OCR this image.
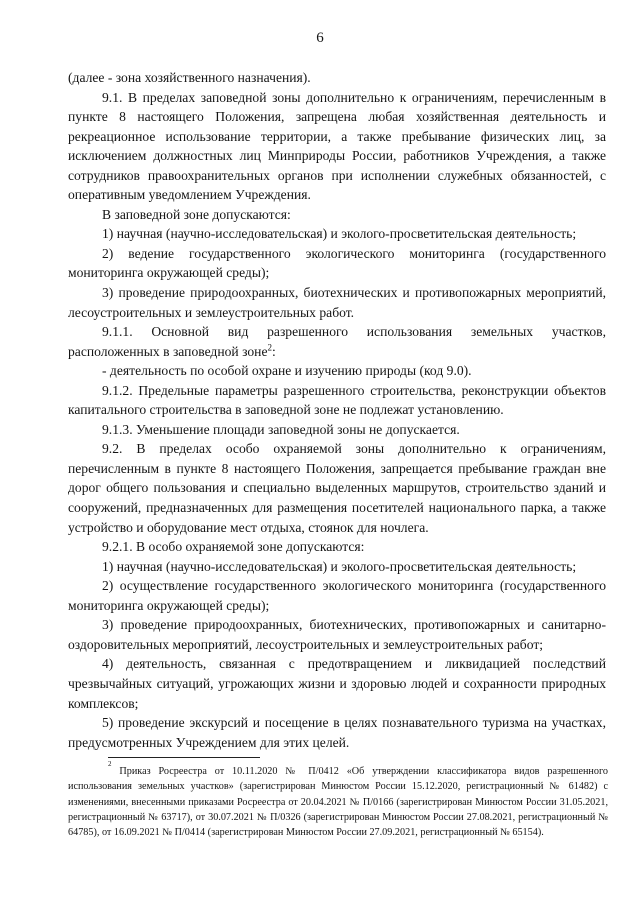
6

(далее - зона хозяйственного назначения).

9.1. В пределах заповедной зоны дополнительно к ограничениям, перечисленным в пункте 8 настоящего Положения, запрещена любая хозяйственная деятельность и рекреационное использование территории, а также пребывание физических лиц, за исключением должностных лиц Минприроды России, работников Учреждения, а также сотрудников правоохранительных органов при исполнении служебных обязанностей, с оперативным уведомлением Учреждения.

В заповедной зоне допускаются:

1) научная (научно-исследовательская) и эколого-просветительская деятельность;

2) ведение государственного экологического мониторинга (государственного мониторинга окружающей среды);

3) проведение природоохранных, биотехнических и противопожарных мероприятий, лесоустроительных и землеустроительных работ.

9.1.1. Основной вид разрешенного использования земельных участков, расположенных в заповедной зоне$^2$:

- деятельность по особой охране и изучению природы (код 9.0).

9.1.2. Предельные параметры разрешенного строительства, реконструкции объектов капитального строительства в заповедной зоне не подлежат установлению.

9.1.3. Уменьшение площади заповедной зоны не допускается.

9.2. В пределах особо охраняемой зоны дополнительно к ограничениям, перечисленным в пункте 8 настоящего Положения, запрещается пребывание граждан вне дорог общего пользования и специально выделенных маршрутов, строительство зданий и сооружений, предназначенных для размещения посетителей национального парка, а также устройство и оборудование мест отдыха, стоянок для ночлега.

9.2.1. В особо охраняемой зоне допускаются:

1) научная (научно-исследовательская) и эколого-просветительская деятельность;

2) осуществление государственного экологического мониторинга (государственного мониторинга окружающей среды);

3) проведение природоохранных, биотехнических, противопожарных и санитарно-оздоровительных мероприятий, лесоустроительных и землеустроительных работ;

4) деятельность, связанная с предотвращением и ликвидацией последствий чрезвычайных ситуаций, угрожающих жизни и здоровью людей и сохранности природных комплексов;

5) проведение экскурсий и посещение в целях познавательного туризма на участках, предусмотренных Учреждением для этих целей.

$^2$ Приказ Росреестра от 10.11.2020 № П/0412 «Об утверждении классификатора видов разрешенного использования земельных участков» (зарегистрирован Минюстом России 15.12.2020, регистрационный № 61482) с изменениями, внесенными приказами Росреестра от 20.04.2021 № П/0166 (зарегистрирован Минюстом России 31.05.2021, регистрационный № 63717), от 30.07.2021 № П/0326 (зарегистрирован Минюстом России 27.08.2021, регистрационный № 64785), от 16.09.2021 № П/0414 (зарегистрирован Минюстом России 27.09.2021, регистрационный № 65154).
